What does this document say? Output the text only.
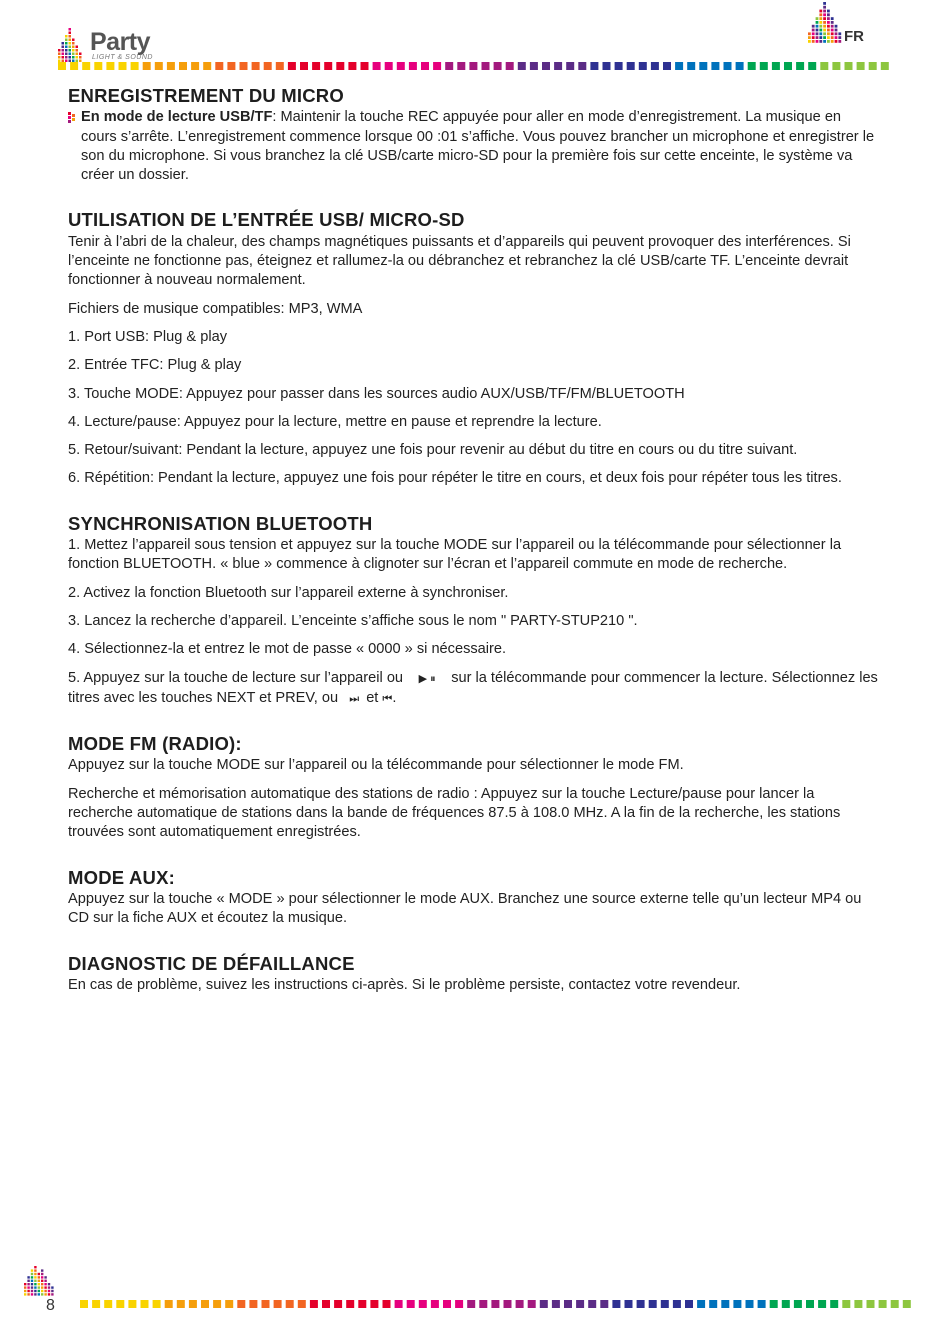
Party
LIGHT & SOUND
FR
ENREGISTREMENT DU MICRO
En mode de lecture USB/TF: Maintenir la touche REC appuyée pour aller en mode d’enregistrement. La musique en cours s’arrête. L’enregistrement commence lorsque 00 :01 s’affiche. Vous pouvez brancher un microphone et enregistrer le son du microphone. Si vous branchez la clé USB/carte micro-SD pour la première fois sur cette enceinte, le système va créer un dossier.
UTILISATION DE L’ENTRÉE USB/ MICRO-SD

Tenir à l’abri de la chaleur, des champs magnétiques puissants et d’appareils qui peuvent provoquer des interférences. Si l’enceinte ne fonctionne pas, éteignez et rallumez-la ou débranchez et rebranchez la clé USB/carte TF. L’enceinte devrait fonctionner à nouveau normalement.

Fichiers de musique compatibles: MP3, WMA

1. Port USB: Plug & play

2. Entrée TFC: Plug & play

3. Touche MODE: Appuyez pour passer dans les sources audio AUX/USB/TF/FM/BLUETOOTH

4. Lecture/pause: Appuyez pour la lecture, mettre en pause et reprendre la lecture.

5. Retour/suivant: Pendant la lecture, appuyez une fois pour revenir au début du titre en cours ou du titre suivant.

6. Répétition: Pendant la lecture, appuyez une fois pour répéter le titre en cours, et deux fois pour répéter tous les titres.

SYNCHRONISATION BLUETOOTH

1. Mettez l’appareil sous tension et appuyez sur la touche MODE sur l’appareil ou la télécommande pour sélectionner la fonction BLUETOOTH. « blue » commence à clignoter sur l’écran et l’appareil commute en mode de recherche.

2. Activez la fonction Bluetooth sur l’appareil externe à synchroniser.

3. Lancez la recherche d’appareil. L’enceinte s’affiche sous le nom " PARTY-STUP210 ".

4. Sélectionnez-la et entrez le mot de passe « 0000 » si nécessaire.

5. Appuyez sur la touche de lecture sur l’appareil ou ▶ ⏸ sur la télécommande pour commencer la lecture. Sélectionnez les titres avec les touches NEXT et PREV, ou ⏭ et ⏮.

MODE FM (RADIO):

Appuyez sur la touche MODE sur l’appareil ou la télécommande pour sélectionner le mode FM.

Recherche et mémorisation automatique des stations de radio : Appuyez sur la touche Lecture/pause pour lancer la recherche automatique de stations dans la bande de fréquences 87.5 à 108.0 MHz. A la fin de la recherche, les stations trouvées sont automatiquement enregistrées.

MODE AUX:

Appuyez sur la touche « MODE » pour sélectionner le mode AUX. Branchez une source externe telle qu’un lecteur MP4 ou CD sur la fiche AUX et écoutez la musique.

DIAGNOSTIC DE DÉFAILLANCE

En cas de problème, suivez les instructions ci-après. Si le problème persiste, contactez votre revendeur.

8
